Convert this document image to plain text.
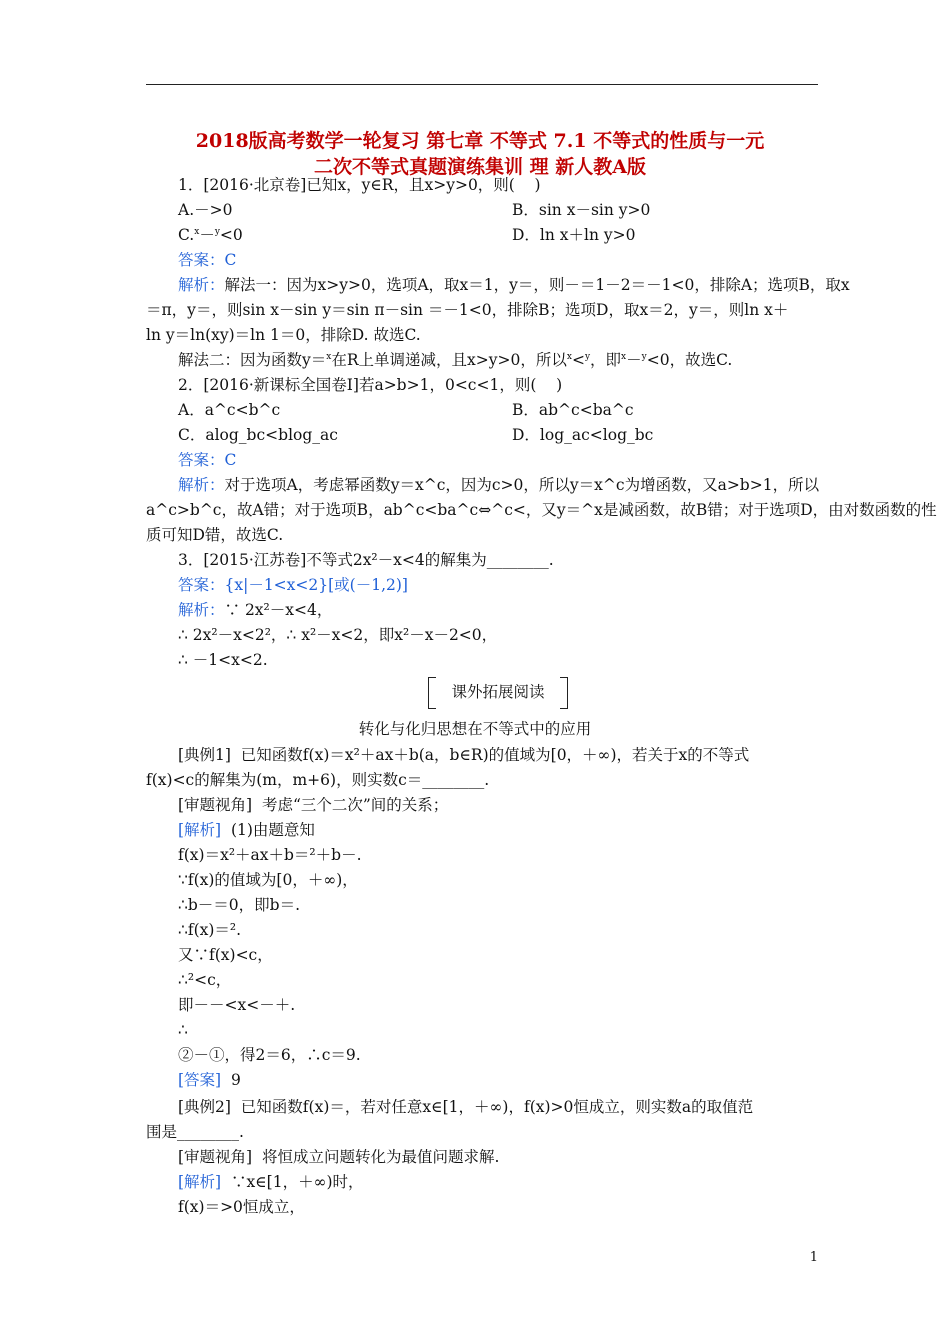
2018版高考数学一轮复习 第七章 不等式 7.1 不等式的性质与一元
二次不等式真题演练集训 理 新人教A版
1．[2016·北京卷]已知x，y∈R，且x>y>0，则(    )
A.－>0	B．sin x－sin y>0
C.$^x$－$^y$<0	D．ln x＋ln y>0
答案：C
解析：解法一：因为x>y>0，选项A，取x＝1，y＝，则－＝1－2＝－1<0，排除A；选项B，取x
＝π，y＝，则sin x－sin y＝sin π－sin ＝－1<0，排除B；选项D，取x＝2，y＝，则ln x＋
ln y＝ln(xy)＝ln 1＝0，排除D. 故选C.
解法二：因为函数y＝$^x$在R上单调递减，且x>y>0，所以$^x$<$^y$，即$^x$－$^y$<0，故选C.
2．[2016·新课标全国卷Ⅰ]若a>b>1，0<c<1，则(    )
A．a^c<b^c	B．ab^c<ba^c
C．alog_bc<blog_ac	D．log_ac<log_bc
答案：C
解析：对于选项A，考虑幂函数y＝x^c，因为c>0，所以y＝x^c为增函数，又a>b>1，所以
a^c>b^c，故A错；对于选项B，ab^c<ba^c⇔^c<，又y＝^x是减函数，故B错；对于选项D，由对数函数的性
质可知D错，故选C.
3．[2015·江苏卷]不等式2x²－x<4的解集为________.
答案：{x|－1<x<2}[或(－1,2)]
解析：∵ 2x²－x<4，
∴ 2x²－x<2²，∴ x²－x<2，即x²－x－2<0，
∴ －1<x<2.
课外拓展阅读
转化与化归思想在不等式中的应用
[典例1]  已知函数f(x)＝x²＋ax＋b(a，b∈R)的值域为[0，＋∞)，若关于x的不等式
f(x)<c的解集为(m，m+6)，则实数c＝________.
[审题视角]  考虑“三个二次”间的关系；
[解析]  (1)由题意知
f(x)＝x²＋ax＋b＝²＋b－.
∵f(x)的值域为[0，＋∞)，
∴b－＝0，即b＝.
∴f(x)＝².
又∵f(x)<c，
∴²<c，
即－－<x<－＋.
∴
②－①，得2＝6，∴c＝9.
[答案]  9
[典例2]  已知函数f(x)＝，若对任意x∈[1，＋∞)，f(x)>0恒成立，则实数a的取值范
围是________.
[审题视角]  将恒成立问题转化为最值问题求解.
[解析]  ∵x∈[1，＋∞)时，
f(x)＝>0恒成立，
1
